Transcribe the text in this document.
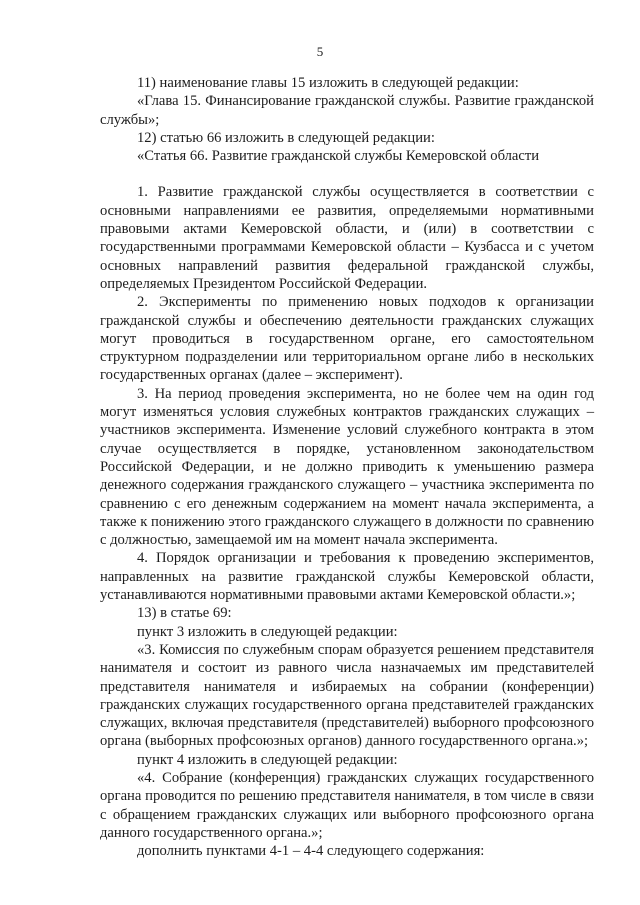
5

11) наименование главы 15 изложить в следующей редакции:

«Глава 15. Финансирование гражданской службы. Развитие гражданской службы»;

12) статью 66 изложить в следующей редакции:

«Статья 66. Развитие гражданской службы Кемеровской области

1. Развитие гражданской службы осуществляется в соответствии с основными направлениями ее развития, определяемыми нормативными правовыми актами Кемеровской области, и (или) в соответствии с государственными программами Кемеровской области – Кузбасса и с учетом основных направлений развития федеральной гражданской службы, определяемых Президентом Российской Федерации.

2. Эксперименты по применению новых подходов к организации гражданской службы и обеспечению деятельности гражданских служащих могут проводиться в государственном органе, его самостоятельном структурном подразделении или территориальном органе либо в нескольких государственных органах (далее – эксперимент).

3. На период проведения эксперимента, но не более чем на один год могут изменяться условия служебных контрактов гражданских служащих – участников эксперимента. Изменение условий служебного контракта в этом случае осуществляется в порядке, установленном законодательством Российской Федерации, и не должно приводить к уменьшению размера денежного содержания гражданского служащего – участника эксперимента по сравнению с его денежным содержанием на момент начала эксперимента, а также к понижению этого гражданского служащего в должности по сравнению с должностью, замещаемой им на момент начала эксперимента.

4. Порядок организации и требования к проведению экспериментов, направленных на развитие гражданской службы Кемеровской области, устанавливаются нормативными правовыми актами Кемеровской области.»;

13) в статье 69:

пункт 3 изложить в следующей редакции:

«3. Комиссия по служебным спорам образуется решением представителя нанимателя и состоит из равного числа назначаемых им представителей представителя нанимателя и избираемых на собрании (конференции) гражданских служащих государственного органа представителей гражданских служащих, включая представителя (представителей) выборного профсоюзного органа (выборных профсоюзных органов) данного государственного органа.»;

пункт 4 изложить в следующей редакции:

«4. Собрание (конференция) гражданских служащих государственного органа проводится по решению представителя нанимателя, в том числе в связи с обращением гражданских служащих или выборного профсоюзного органа данного государственного органа.»;

дополнить пунктами 4-1 – 4-4 следующего содержания:
